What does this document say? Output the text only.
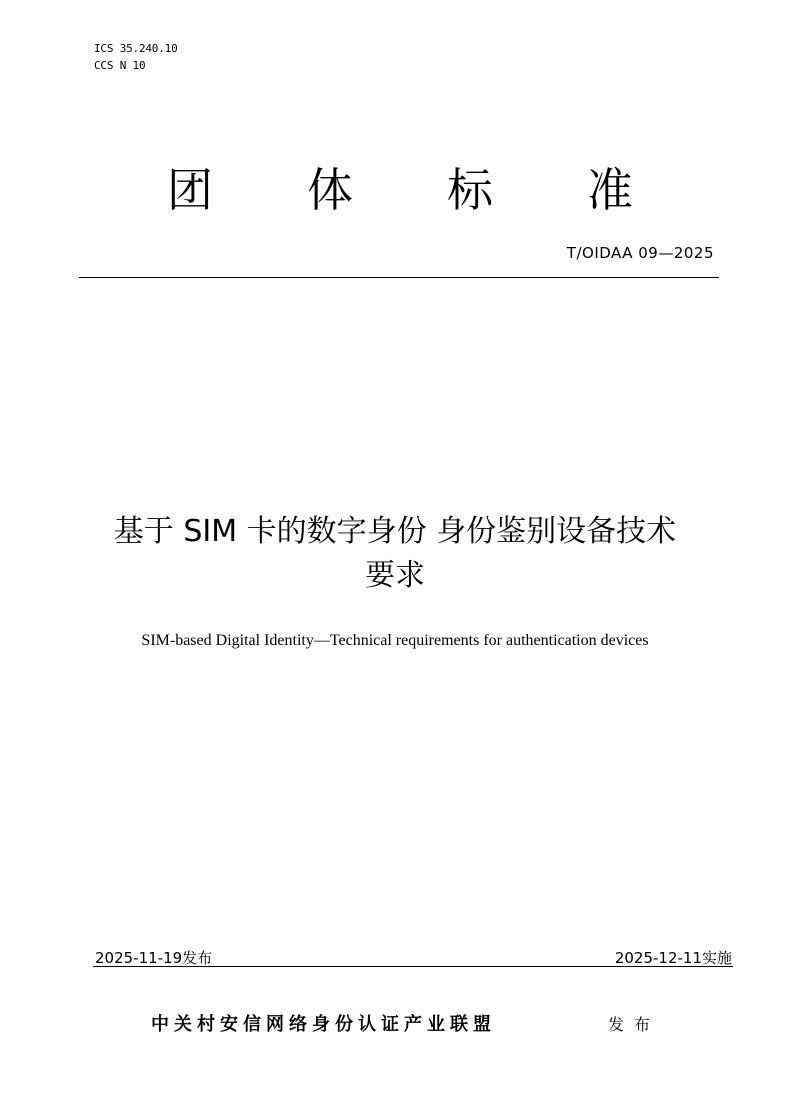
ICS 35.240.10
CCS N 10
团	体	标	准
T/OIDAA 09—2025
基于 SIM 卡的数字身份 身份鉴别设备技术
要求
SIM-based Digital Identity—Technical requirements for authentication devices
2025-11-19发布	2025-12-11实施
中关村安信网络身份认证产业联盟	发布
